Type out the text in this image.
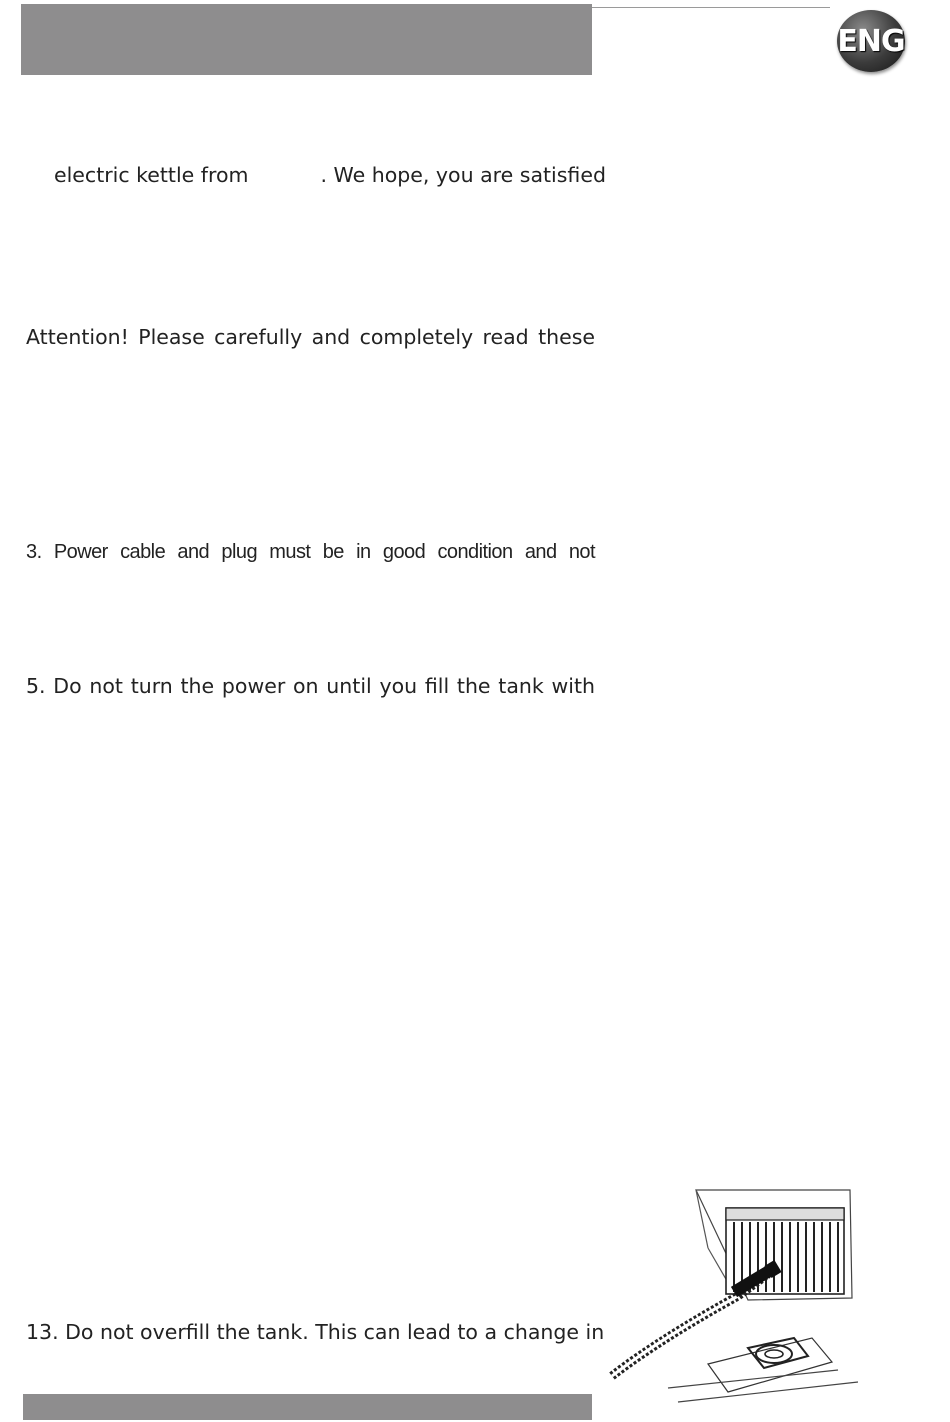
ENG
electric kettle from	. We hope, you are satisfied
Attention! Please carefully and completely read these
3. Power cable and plug must be in good condition and not
5. Do not turn the power on until you fill the tank with
13. Do not overfill the tank. This can lead to a change in
